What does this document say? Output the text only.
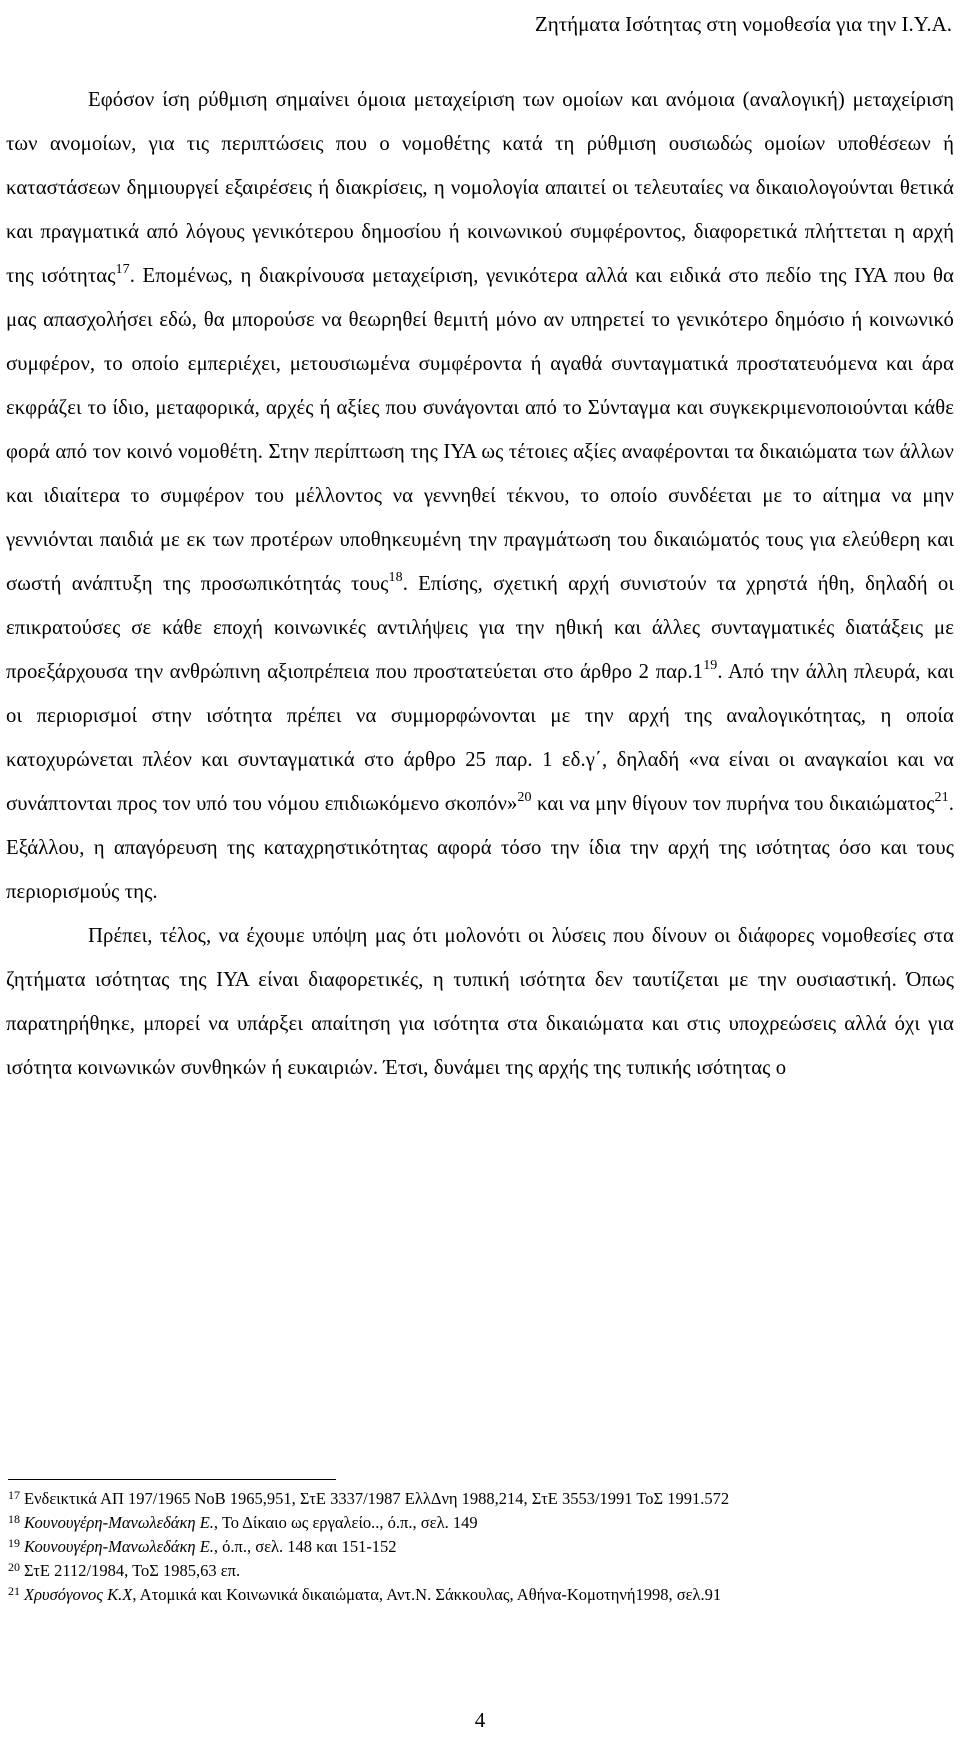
Ζητήματα Ισότητας στη νομοθεσία για την Ι.Υ.Α.

Εφόσον ίση ρύθμιση σημαίνει όμοια μεταχείριση των ομοίων και ανόμοια (αναλογική) μεταχείριση των ανομοίων, για τις περιπτώσεις που ο νομοθέτης κατά τη ρύθμιση ουσιωδώς ομοίων υποθέσεων ή καταστάσεων δημιουργεί εξαιρέσεις ή διακρίσεις, η νομολογία απαιτεί οι τελευταίες να δικαιολογούνται θετικά και πραγματικά από λόγους γενικότερου δημοσίου ή κοινωνικού συμφέροντος, διαφορετικά πλήττεται η αρχή της ισότητας$^{17}$. Επομένως, η διακρίνουσα μεταχείριση, γενικότερα αλλά και ειδικά στο πεδίο της ΙΥΑ που θα μας απασχολήσει εδώ, θα μπορούσε να θεωρηθεί θεμιτή μόνο αν υπηρετεί το γενικότερο δημόσιο ή κοινωνικό συμφέρον, το οποίο εμπεριέχει, μετουσιωμένα συμφέροντα ή αγαθά συνταγματικά προστατευόμενα και άρα εκφράζει το ίδιο, μεταφορικά, αρχές ή αξίες που συνάγονται από το Σύνταγμα και συγκεκριμενοποιούνται κάθε φορά από τον κοινό νομοθέτη. Στην περίπτωση της ΙΥΑ ως τέτοιες αξίες αναφέρονται τα δικαιώματα των άλλων και ιδιαίτερα το συμφέρον του μέλλοντος να γεννηθεί τέκνου, το οποίο συνδέεται με το αίτημα να μην γεννιόνται παιδιά με εκ των προτέρων υποθηκευμένη την πραγμάτωση του δικαιώματός τους για ελεύθερη και σωστή ανάπτυξη της προσωπικότητάς τους$^{18}$. Επίσης, σχετική αρχή συνιστούν τα χρηστά ήθη, δηλαδή οι επικρατούσες σε κάθε εποχή κοινωνικές αντιλήψεις για την ηθική και άλλες συνταγματικές διατάξεις με προεξάρχουσα την ανθρώπινη αξιοπρέπεια που προστατεύεται στο άρθρο 2 παρ.1$^{19}$. Από την άλλη πλευρά, και οι περιορισμοί στην ισότητα πρέπει να συμμορφώνονται με την αρχή της αναλογικότητας, η οποία κατοχυρώνεται πλέον και συνταγματικά στο άρθρο 25 παρ. 1 εδ.γ΄, δηλαδή «να είναι οι αναγκαίοι και να συνάπτονται προς τον υπό του νόμου επιδιωκόμενο σκοπόν»$^{20}$ και να μην θίγουν τον πυρήνα του δικαιώματος$^{21}$. Εξάλλου, η απαγόρευση της καταχρηστικότητας αφορά τόσο την ίδια την αρχή της ισότητας όσο και τους περιορισμούς της.

Πρέπει, τέλος, να έχουμε υπόψη μας ότι μολονότι οι λύσεις που δίνουν οι διάφορες νομοθεσίες στα ζητήματα ισότητας της ΙΥΑ είναι διαφορετικές, η τυπική ισότητα δεν ταυτίζεται με την ουσιαστική. Όπως παρατηρήθηκε, μπορεί να υπάρξει απαίτηση για ισότητα στα δικαιώματα και στις υποχρεώσεις αλλά όχι για ισότητα κοινωνικών συνθηκών ή ευκαιριών. Έτσι, δυνάμει της αρχής της τυπικής ισότητας ο

$^{17}$ Ενδεικτικά ΑΠ 197/1965 ΝοΒ 1965,951, ΣτΕ 3337/1987 ΕλλΔνη 1988,214, ΣτΕ 3553/1991 ΤοΣ 1991.572

$^{18}$ Κουνουγέρη-Μανωλεδάκη Ε., Το Δίκαιο ως εργαλείο.., ό.π., σελ. 149

$^{19}$ Κουνουγέρη-Μανωλεδάκη Ε., ό.π., σελ. 148 και 151-152

$^{20}$ ΣτΕ 2112/1984, ΤοΣ 1985,63 επ.

$^{21}$ Χρυσόγονος Κ.Χ, Ατομικά και Κοινωνικά δικαιώματα, Αντ.Ν. Σάκκουλας, Αθήνα-Κομοτηνή1998, σελ.91

4
